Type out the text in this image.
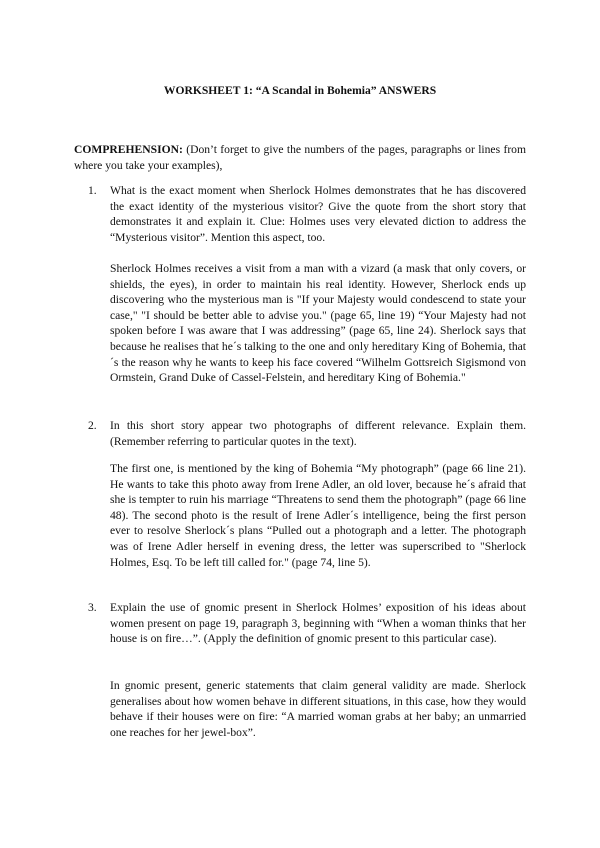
WORKSHEET 1: “A Scandal in Bohemia” ANSWERS
COMPREHENSION: (Don’t forget to give the numbers of the pages, paragraphs or lines from where you take your examples),
1. What is the exact moment when Sherlock Holmes demonstrates that he has discovered the exact identity of the mysterious visitor? Give the quote from the short story that demonstrates it and explain it. Clue: Holmes uses very elevated diction to address the “Mysterious visitor”. Mention this aspect, too.

Sherlock Holmes receives a visit from a man with a vizard (a mask that only covers, or shields, the eyes), in order to maintain his real identity. However, Sherlock ends up discovering who the mysterious man is "If your Majesty would condescend to state your case," "I should be better able to advise you." (page 65, line 19) “Your Majesty had not spoken before I was aware that I was addressing” (page 65, line 24). Sherlock says that because he realises that he´s talking to the one and only hereditary King of Bohemia, that´s the reason why he wants to keep his face covered “Wilhelm Gottsreich Sigismond von Ormstein, Grand Duke of Cassel-Felstein, and hereditary King of Bohemia."

2. In this short story appear two photographs of different relevance. Explain them. (Remember referring to particular quotes in the text).

The first one, is mentioned by the king of Bohemia “My photograph” (page 66 line 21). He wants to take this photo away from Irene Adler, an old lover, because he´s afraid that she is tempter to ruin his marriage “Threatens to send them the photograph” (page 66 line 48). The second photo is the result of Irene Adler´s intelligence, being the first person ever to resolve Sherlock´s plans “Pulled out a photograph and a letter. The photograph was of Irene Adler herself in evening dress, the letter was superscribed to "Sherlock Holmes, Esq. To be left till called for." (page 74, line 5).

3. Explain the use of gnomic present in Sherlock Holmes’ exposition of his ideas about women present on page 19, paragraph 3, beginning with “When a woman thinks that her house is on fire…”. (Apply the definition of gnomic present to this particular case).

In gnomic present, generic statements that claim general validity are made. Sherlock generalises about how women behave in different situations, in this case, how they would behave if their houses were on fire: “A married woman grabs at her baby; an unmarried one reaches for her jewel-box”.
